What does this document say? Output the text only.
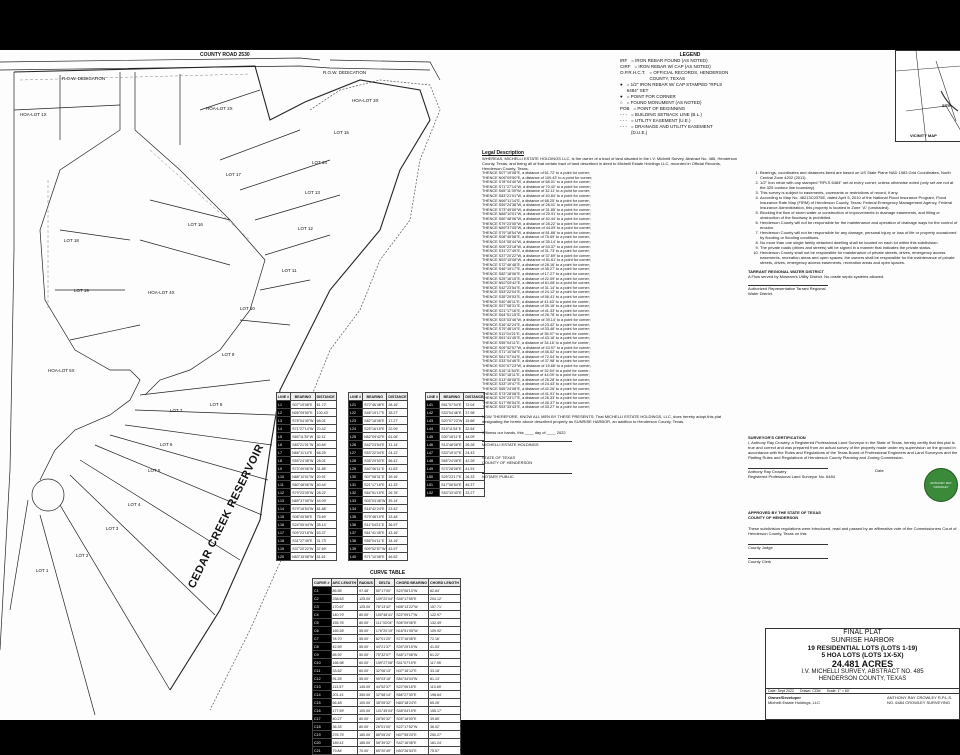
COUNTY ROAD 2530
R.O.W. DEDICATION
R.O.W. DEDICATION
CEDAR CREEK RESERVOIR
HOA-LOT 1X
HOA-LOT 2X
HOA-LOT 3X
HOA-LOT 4X
HOA-LOT 5X
LOT 1
LOT 2
LOT 3
LOT 4
LOT 5
LOT 6
LOT 7
LOT 8
LOT 9
LOT 10
LOT 11
LOT 12
LOT 13
LOT 14
LOT 15
LOT 16
LOT 17
LOT 18
LOT 19
LINE #	BEARING	DISTANCE
L1	S07°19'08"E	61.72'
L2	N06°09'50"E	100.43'
L3	S78°04'40"W	68.01'
L4	S71°27'14"W	70.42'
L5	S65°11'39"W	32.11'
L6	S83°21'01"W	40.84'
L7	N66°11'14"E	68.25'
L8	S59°24'38"W	28.01'
L9	S73°49'06"W	31.85'
L10	N88°10'01"W	20.91'
L11	S60°48'06"W	40.44'
L12	S79°23'05"W	28.22'
L13	N89°37'05"W	44.09'
L14	S79°18'54"W	81.88'
L15	S08°45'58"E	75.69'
L16	S24°05'44"W	35.14'
L17	S09°23'18"W	63.37'
L18	S31°27'49"E	31.73'
L19	S37°20'22"W	37.69'
L20	N53°15'08"W	51.61'
LINE #	BEARING	DISTANCE
L21	S72°46'48"E	28.16'
L22	S46°19'17"E	35.27'
L23	S82°18'06"E	17.27'
L24	S25°16'15"E	22.09'
L25	N52°09'42"E	61.08'
L26	S42°23'54"E	31.14'
L27	S53°22'04"E	24.12'
L28	S35°29'53"E	56.41'
L29	S40°46'11"E	41.63'
L30	S07°08'31"E	39.16'
L31	S21°17'16"E	41.33'
L32	S64°51'15"E	26.78'
L33	S03°03'46"W	39.14'
L34	S16°42'24"E	23.42'
L35	S79°48'19"E	33.48'
L36	S11°04'21"E	36.97'
L37	S61°41'45"E	43.16'
L38	S55°04'11"E	34.16'
L39	S09°52'57"W	43.97'
L40	S71°10'08"E	46.52'
LINE #	BEARING	DISTANCE
L41	S61°07'04"E	72.04'
L42	S33°04'46"E	37.98'
L43	S20°07'23"W	15.66'
L44	S15°11'54"E	32.54'
L45	S30°18'11"E	44.09'
L46	S13°48'08"E	26.28'
L47	S33°19'47"E	24.43'
L48	S65°24'08"E	42.26'
L49	S73°28'08"E	41.91'
L50	S29°23'17"E	26.33'
L51	S17°06'54"E	45.37'
L52	S53°33'43"E	33.27'
CURVE TABLE
CURVE #	ARC LENGTH	RADIUS	DELTA	CHORD BEARING	CHORD LENGTH
C1	85.55'	97.48'	50°17'00"	S23°06'13"W	82.84'
C2	238.63'	125.00'	109°22'04"	S46°17'55"E	204.12'
C3	170.67'	125.00'	78°13'42"	N08°13'22"W	157.71'
C4	140.79'	80.00'	100°48'41"	S22°09'17"W	122.97'
C5	155.76'	80.00'	111°33'04"	S06°09'06"E	132.49'
C6	169.28'	55.00'	176°20'19"	N16°51'05"W	109.92'
C7	78.70'	55.00'	82°01'20"	S73°16'08"E	72.16'
C8	42.59'	55.00'	44°21'37"	S39°25'15"W	41.53'
C9	65.92'	50.00'	75°32'07"	S48°17'08"W	61.22'
C10	166.98'	60.00'	159°27'08"	S41°07'19"E	117.95'
C11	33.62'	60.00'	32°06'13"	N37°16'12"E	33.18'
C12	91.25'	55.00'	95°03'16"	S84°34'04"W	81.13'
C13	113.57'	145.00'	44°52'37"	S22°06'18"E	110.69'
C14	201.41'	350.00'	32°58'14"	S66°27'30"E	198.64'
C15	66.48'	100.00'	38°05'32"	N83°18'24"E	65.26'
C16	177.59'	100.00'	101°45'04"	S48°04'19"E	155.17'
C17	40.27'	80.00'	28°50'32"	S05°18'00"E	39.85'
C18	36.33'	80.00'	26°01'00"	S22°17'52"W	36.02'
C19	276.75'	180.00'	88°05'24"	N07°55'20"E	250.27'
C20	189.41'	185.00'	58°39'32"	S42°16'08"E	181.24'
C21	79.84'	70.00'	65°20'49"	N53°26'53"E	75.57'
LEGEND
IRF = IRON REBAR FOUND (AS NOTED)
CIRF = IRON REBAR W/ CAP (AS NOTED)
O.P.R.H.C.T. = OFFICIAL RECORDS, HENDERSON COUNTY, TEXAS
● = 1/2" IRON REBAR W/ CAP STAMPED "RPLS 6484" SET
● = POINT FOR CORNER
○ = FOUND MONUMENT (AS NOTED)
POB = POINT OF BEGINNING
- - - = BUILDING SETBACK LINE (B.L.)
- - - = UTILITY EASEMENT (U.E.)
- - - = DRAINAGE AND UTILITY EASEMENT (D.U.E.)
Legal Description
WHEREAS, MICHELLI ESTATE HOLDINGS LLC, is the owner of a tract of land situated in the I.V. Michelli Survey, Abstract No. 485, Henderson County, Texas, and being all of that certain tract of land described in deed to Michelli Estate Holdings LLC, recorded in Official Records, Henderson County, Texas.
THENCE S07°19'08"E, a distance of 61.72' to a point for corner;
THENCE N06°09'50"E, a distance of 100.43' to a point for corner;
THENCE S78°04'40"W, a distance of 68.01' to a point for corner;
THENCE S71°27'14"W, a distance of 70.42' to a point for corner;
THENCE S65°11'39"W, a distance of 32.11' to a point for corner;
THENCE S83°21'01"W, a distance of 40.84' to a point for corner;
THENCE N66°11'14"E, a distance of 68.25' to a point for corner;
THENCE S59°24'38"W, a distance of 28.01' to a point for corner;
THENCE S73°49'06"W, a distance of 31.85' to a point for corner;
THENCE N88°10'01"W, a distance of 20.91' to a point for corner;
THENCE S60°48'06"W, a distance of 40.44' to a point for corner;
THENCE S79°23'05"W, a distance of 28.22' to a point for corner;
THENCE N89°37'05"W, a distance of 44.09' to a point for corner;
THENCE S79°18'54"W, a distance of 81.88' to a point for corner;
THENCE S08°45'58"E, a distance of 75.69' to a point for corner;
THENCE S24°05'44"W, a distance of 35.14' to a point for corner;
THENCE S09°23'18"W, a distance of 63.37' to a point for corner;
THENCE S31°27'49"E, a distance of 31.73' to a point for corner;
THENCE S37°20'22"W, a distance of 37.69' to a point for corner;
THENCE N53°15'08"W, a distance of 51.61' to a point for corner;
THENCE S72°46'48"E, a distance of 28.16' to a point for corner;
THENCE S46°19'17"E, a distance of 35.27' to a point for corner;
THENCE S82°18'06"E, a distance of 17.27' to a point for corner;
THENCE S25°16'15"E, a distance of 22.09' to a point for corner;
THENCE N52°09'42"E, a distance of 61.08' to a point for corner;
THENCE S42°23'54"E, a distance of 31.14' to a point for corner;
THENCE S53°22'04"E, a distance of 24.12' to a point for corner;
THENCE S35°29'53"E, a distance of 56.41' to a point for corner;
THENCE S40°46'11"E, a distance of 41.63' to a point for corner;
THENCE S07°08'31"E, a distance of 39.16' to a point for corner;
THENCE S21°17'16"E, a distance of 41.33' to a point for corner;
THENCE S64°51'15"E, a distance of 26.78' to a point for corner;
THENCE S03°03'46"W, a distance of 39.14' to a point for corner;
THENCE S16°42'24"E, a distance of 23.42' to a point for corner;
THENCE S79°48'19"E, a distance of 33.48' to a point for corner;
THENCE S11°04'21"E, a distance of 36.97' to a point for corner;
THENCE S61°41'45"E, a distance of 43.16' to a point for corner;
THENCE S55°04'11"E, a distance of 34.16' to a point for corner;
THENCE S09°52'57"W, a distance of 43.97' to a point for corner;
THENCE S71°10'08"E, a distance of 46.52' to a point for corner;
THENCE S61°07'04"E, a distance of 72.04' to a point for corner;
THENCE S33°04'46"E, a distance of 37.98' to a point for corner;
THENCE S20°07'23"W, a distance of 15.66' to a point for corner;
THENCE S15°11'54"E, a distance of 32.54' to a point for corner;
THENCE S30°18'11"E, a distance of 44.09' to a point for corner;
THENCE S13°48'08"E, a distance of 26.28' to a point for corner;
THENCE S33°19'47"E, a distance of 24.43' to a point for corner;
THENCE S65°24'08"E, a distance of 42.26' to a point for corner;
THENCE S73°28'08"E, a distance of 41.91' to a point for corner;
THENCE S29°23'17"E, a distance of 26.33' to a point for corner;
THENCE S17°06'54"E, a distance of 45.37' to a point for corner;
THENCE S53°33'43"E, a distance of 33.27' to a point for corner;
NOW THEREFORE, KNOW ALL MEN BY THESE PRESENTS: That MICHELLI ESTATE HOLDINGS, LLC, does hereby adopt this plat designating the herein above described property as SUNRISE HARBOR, an addition to Henderson County, Texas.
Witness our hands, this ____ day of ____ 2022
MICHELLI ESTATE HOLDINGS
STATE OF TEXAS
COUNTY OF HENDERSON
NOTARY PUBLIC
SITE
VICINITY MAP
1. Bearings, coordinates and distances listed are based on US State Plane NAD 1983 Grid Coordinates, North Central Zone 4202 (2011).
2. 1/2" iron rebar with cap stamped "RPLS 6484" set at every corner, unless otherwise noted (only set are not at the 325 contour line boundary).
3. This survey is subject to easements, covenants or restrictions of record, if any.
4. According to Map No. 48213C0375E, dated April 5, 2010 of the National Flood Insurance Program, Flood Insurance Rate Map (FIRM) of Henderson County, Texas; Federal Emergency Management Agency, Federal Insurance Administration, this property is located in Zone "A" (unshaded).
5. Blocking the flow of storm water or construction of improvements in drainage easements, and filling or obstruction of the floodway is prohibited.
6. Henderson County will not be responsible for the maintenance and operation of drainage ways for the control of erosion.
7. Henderson County will not be responsible for any damage, personal injury or loss of life or property occasioned by flooding or flooding conditions.
8. No more than one single family detached dwelling shall be located on each lot within this subdivision.
9. The private roads (drives and streets) will be signed in a manner that indicates the private status.
10. Henderson County shall not be responsible for maintenance of private streets, drives, emergency access easements, recreation areas and open spaces; the owners shall be responsible for the maintenance of private streets, drives, emergency access easements, recreation areas and open spaces.
TARRANT REGIONAL WATER DISTRICT
A Flow served by Moseam's Utility District. No onsite septic systems allowed.
Authorized Representative Tarrant Regional Water District
SURVEYOR'S CERTIFICATION
I, Anthony Ray Crowley, a Registered Professional Land Surveyor in the State of Texas, hereby certify that this plat is true and correct and was prepared from an actual survey of the property made under my supervision on the ground in accordance with the Rules and Regulations of the Texas Board of Professional Engineers and Land Surveyors and the Platting Rules and Regulations of Henderson County Planning and Zoning Commission.
Anthony Ray Crowley
Registered Professional Land Surveyor No. 6484
Date
ANTHONY RAY CROWLEY
APPROVED BY THE STATE OF TEXAS
COUNTY OF HENDERSON
These subdivision regulations were introduced, read and passed by an affirmative vote of the Commissioners Court of Henderson County, Texas on this
County Judge
County Clerk
FINAL PLAT
SUNRISE HARBOR
19 RESIDENTIAL LOTS (LOTS 1-19)
5 HOA LOTS (LOTS 1X-5X)
24.481 ACRES
I.V. MICHELLI SURVEY, ABSTRACT NO. 485
HENDERSON COUNTY, TEXAS
Date: Sept 2022 Drawn: CDM Scale: 1" = 60'
Owner/Developer
Michelli Estate Holdings, LLC
ANTHONY RAY CROWLEY R.P.L.S. NO. 6484 CROWLEY SURVEYING
